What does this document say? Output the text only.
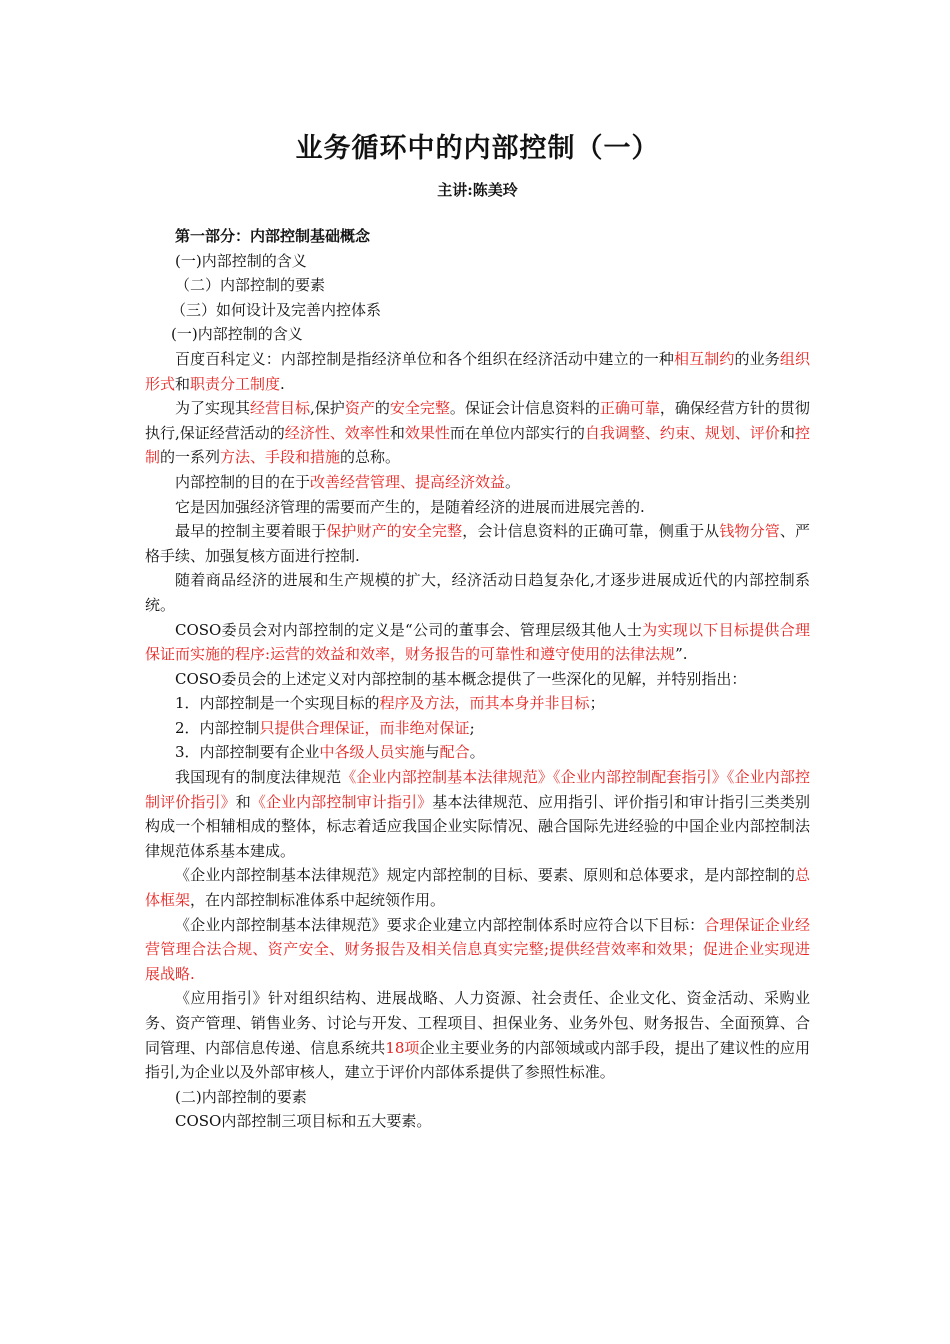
业务循环中的内部控制（一）
主讲:陈美玲
第一部分：内部控制基础概念
(一)内部控制的含义
（二）内部控制的要素
（三）如何设计及完善内控体系
(一)内部控制的含义

百度百科定义：内部控制是指经济单位和各个组织在经济活动中建立的一种相互制约的业务组织形式和职责分工制度.

为了实现其经营目标,保护资产的安全完整。保证会计信息资料的正确可靠，确保经营方针的贯彻执行,保证经营活动的经济性、效率性和效果性而在单位内部实行的自我调整、约束、规划、评价和控制的一系列方法、手段和措施的总称。

内部控制的目的在于改善经营管理、提高经济效益。

它是因加强经济管理的需要而产生的，是随着经济的进展而进展完善的.

最早的控制主要着眼于保护财产的安全完整，会计信息资料的正确可靠，侧重于从钱物分管、严格手续、加强复核方面进行控制.

随着商品经济的进展和生产规模的扩大，经济活动日趋复杂化,才逐步进展成近代的内部控制系统。

COSO委员会对内部控制的定义是“公司的董事会、管理层级其他人士为实现以下目标提供合理保证而实施的程序:运营的效益和效率，财务报告的可靠性和遵守使用的法律法规”.

COSO委员会的上述定义对内部控制的基本概念提供了一些深化的见解，并特别指出：

1．内部控制是一个实现目标的程序及方法，而其本身并非目标；

2．内部控制只提供合理保证，而非绝对保证;

3．内部控制要有企业中各级人员实施与配合。

我国现有的制度法律规范《企业内部控制基本法律规范》《企业内部控制配套指引》《企业内部控制评价指引》和《企业内部控制审计指引》基本法律规范、应用指引、评价指引和审计指引三类类别构成一个相辅相成的整体，标志着适应我国企业实际情况、融合国际先进经验的中国企业内部控制法律规范体系基本建成。

《企业内部控制基本法律规范》规定内部控制的目标、要素、原则和总体要求，是内部控制的总体框架，在内部控制标准体系中起统领作用。

《企业内部控制基本法律规范》要求企业建立内部控制体系时应符合以下目标：合理保证企业经营管理合法合规、资产安全、财务报告及相关信息真实完整;提供经营效率和效果；促进企业实现进展战略.

《应用指引》针对组织结构、进展战略、人力资源、社会责任、企业文化、资金活动、采购业务、资产管理、销售业务、讨论与开发、工程项目、担保业务、业务外包、财务报告、全面预算、合同管理、内部信息传递、信息系统共18项企业主要业务的内部领域或内部手段，提出了建议性的应用指引,为企业以及外部审核人，建立于评价内部体系提供了参照性标准。

(二)内部控制的要素
COSO内部控制三项目标和五大要素。
